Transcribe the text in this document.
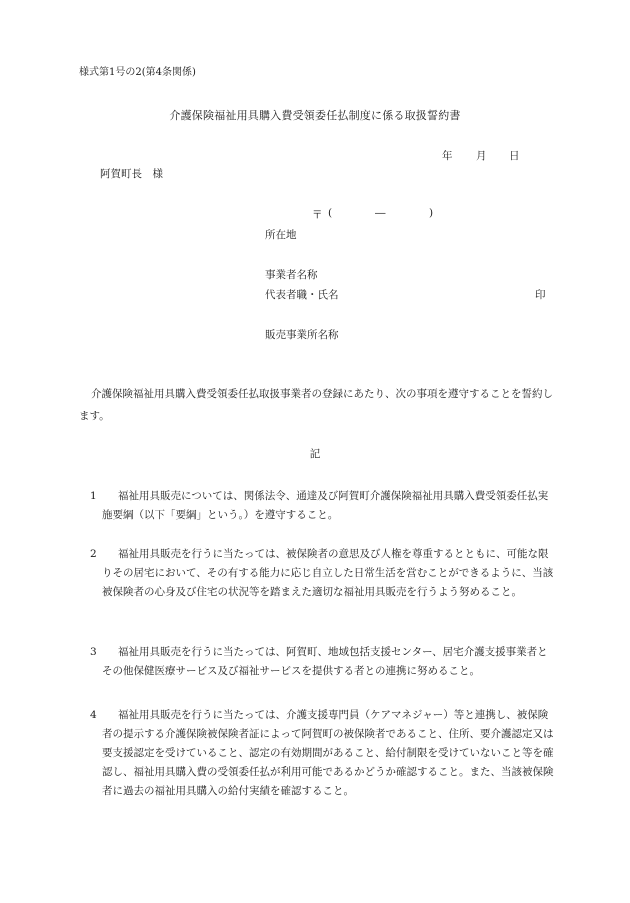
様式第1号の2(第4条関係)
介護保険福祉用具購入費受領委任払制度に係る取扱誓約書
年 月 日
阿賀町長　様
〒 (	―	)
所在地
事業者名称
代表者職・氏名	印
販売事業所名称
介護保険福祉用具購入費受領委任払取扱事業者の登録にあたり、次の事項を遵守することを誓約します。
記
1	福祉用具販売については、関係法令、通達及び阿賀町介護保険福祉用具購入費受領委任払実施要綱（以下「要綱」という。）を遵守すること。
2	福祉用具販売を行うに当たっては、被保険者の意思及び人権を尊重するとともに、可能な限りその居宅において、その有する能力に応じ自立した日常生活を営むことができるように、当該被保険者の心身及び住宅の状況等を踏まえた適切な福祉用具販売を行うよう努めること。
3	福祉用具販売を行うに当たっては、阿賀町、地域包括支援センター、居宅介護支援事業者とその他保健医療サービス及び福祉サービスを提供する者との連携に努めること。
4	福祉用具販売を行うに当たっては、介護支援専門員（ケアマネジャー）等と連携し、被保険者の提示する介護保険被保険者証によって阿賀町の被保険者であること、住所、要介護認定又は要支援認定を受けていること、認定の有効期間があること、給付制限を受けていないこと等を確認し、福祉用具購入費の受領委任払が利用可能であるかどうか確認すること。また、当該被保険者に過去の福祉用具購入の給付実績を確認すること。
